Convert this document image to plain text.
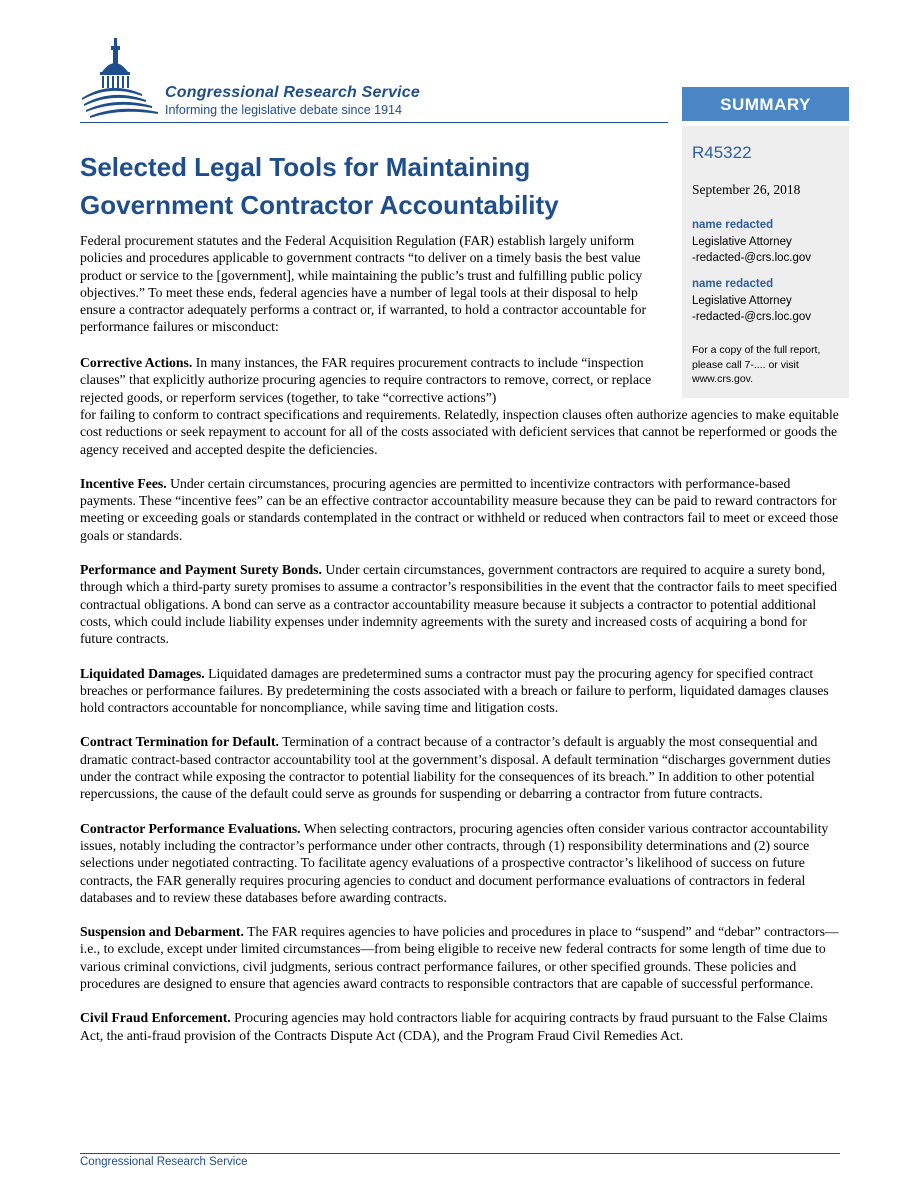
Congressional Research Service
Informing the legislative debate since 1914	SUMMARY
R45322
September 26, 2018
name redacted
Legislative Attorney
-redacted-@crs.loc.gov
name redacted
Legislative Attorney
-redacted-@crs.loc.gov
For a copy of the full report, please call 7-.... or visit www.crs.gov.
Selected Legal Tools for Maintaining Government Contractor Accountability
Federal procurement statutes and the Federal Acquisition Regulation (FAR) establish largely uniform policies and procedures applicable to government contracts “to deliver on a timely basis the best value product or service to the [government], while maintaining the public’s trust and fulfilling public policy objectives.” To meet these ends, federal agencies have a number of legal tools at their disposal to help ensure a contractor adequately performs a contract or, if warranted, to hold a contractor accountable for performance failures or misconduct:
Corrective Actions. In many instances, the FAR requires procurement contracts to include “inspection clauses” that explicitly authorize procuring agencies to require contractors to remove, correct, or replace rejected goods, or reperform services (together, to take “corrective actions”)
for failing to conform to contract specifications and requirements. Relatedly, inspection clauses often authorize agencies to make equitable cost reductions or seek repayment to account for all of the costs associated with deficient services that cannot be reperformed or goods the agency received and accepted despite the deficiencies.

Incentive Fees. Under certain circumstances, procuring agencies are permitted to incentivize contractors with performance-based payments. These “incentive fees” can be an effective contractor accountability measure because they can be paid to reward contractors for meeting or exceeding goals or standards contemplated in the contract or withheld or reduced when contractors fail to meet or exceed those goals or standards.

Performance and Payment Surety Bonds. Under certain circumstances, government contractors are required to acquire a surety bond, through which a third-party surety promises to assume a contractor’s responsibilities in the event that the contractor fails to meet specified contractual obligations. A bond can serve as a contractor accountability measure because it subjects a contractor to potential additional costs, which could include liability expenses under indemnity agreements with the surety and increased costs of acquiring a bond for future contracts.

Liquidated Damages. Liquidated damages are predetermined sums a contractor must pay the procuring agency for specified contract breaches or performance failures. By predetermining the costs associated with a breach or failure to perform, liquidated damages clauses hold contractors accountable for noncompliance, while saving time and litigation costs.

Contract Termination for Default. Termination of a contract because of a contractor’s default is arguably the most consequential and dramatic contract-based contractor accountability tool at the government’s disposal. A default termination “discharges government duties under the contract while exposing the contractor to potential liability for the consequences of its breach.” In addition to other potential repercussions, the cause of the default could serve as grounds for suspending or debarring a contractor from future contracts.

Contractor Performance Evaluations. When selecting contractors, procuring agencies often consider various contractor accountability issues, notably including the contractor’s performance under other contracts, through (1) responsibility determinations and (2) source selections under negotiated contracting. To facilitate agency evaluations of a prospective contractor’s likelihood of success on future contracts, the FAR generally requires procuring agencies to conduct and document performance evaluations of contractors in federal databases and to review these databases before awarding contracts.

Suspension and Debarment. The FAR requires agencies to have policies and procedures in place to “suspend” and “debar” contractors—i.e., to exclude, except under limited circumstances—from being eligible to receive new federal contracts for some length of time due to various criminal convictions, civil judgments, serious contract performance failures, or other specified grounds. These policies and procedures are designed to ensure that agencies award contracts to responsible contractors that are capable of successful performance.

Civil Fraud Enforcement. Procuring agencies may hold contractors liable for acquiring contracts by fraud pursuant to the False Claims Act, the anti-fraud provision of the Contracts Dispute Act (CDA), and the Program Fraud Civil Remedies Act.

Congressional Research Service
